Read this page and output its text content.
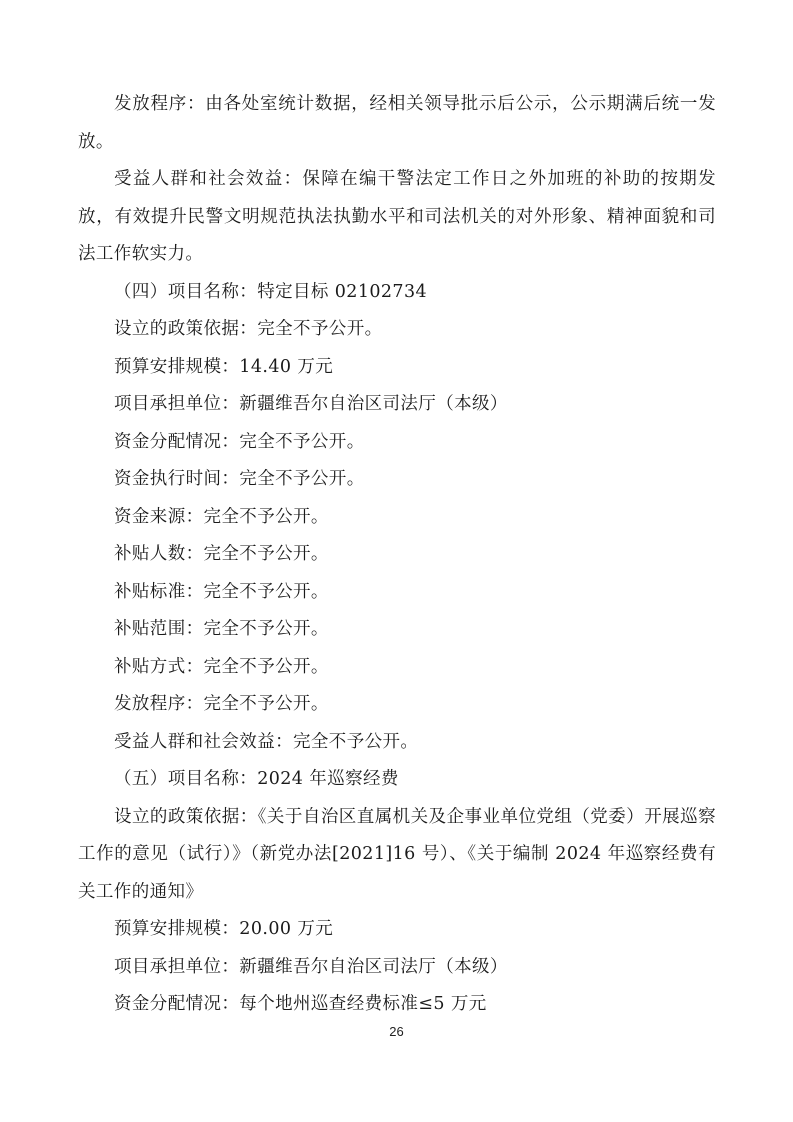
发放程序：由各处室统计数据，经相关领导批示后公示，公示期满后统一发放。

受益人群和社会效益：保障在编干警法定工作日之外加班的补助的按期发放，有效提升民警文明规范执法执勤水平和司法机关的对外形象、精神面貌和司法工作软实力。

（四）项目名称：特定目标 02102734

设立的政策依据：完全不予公开。

预算安排规模：14.40 万元

项目承担单位：新疆维吾尔自治区司法厅（本级）

资金分配情况：完全不予公开。

资金执行时间：完全不予公开。

资金来源：完全不予公开。

补贴人数：完全不予公开。

补贴标准：完全不予公开。

补贴范围：完全不予公开。

补贴方式：完全不予公开。

发放程序：完全不予公开。

受益人群和社会效益：完全不予公开。

（五）项目名称：2024 年巡察经费

设立的政策依据：《关于自治区直属机关及企事业单位党组（党委）开展巡察工作的意见（试行）》（新党办法[2021]16 号）、《关于编制 2024 年巡察经费有关工作的通知》

预算安排规模：20.00 万元

项目承担单位：新疆维吾尔自治区司法厅（本级）

资金分配情况：每个地州巡查经费标准≤5 万元

26
